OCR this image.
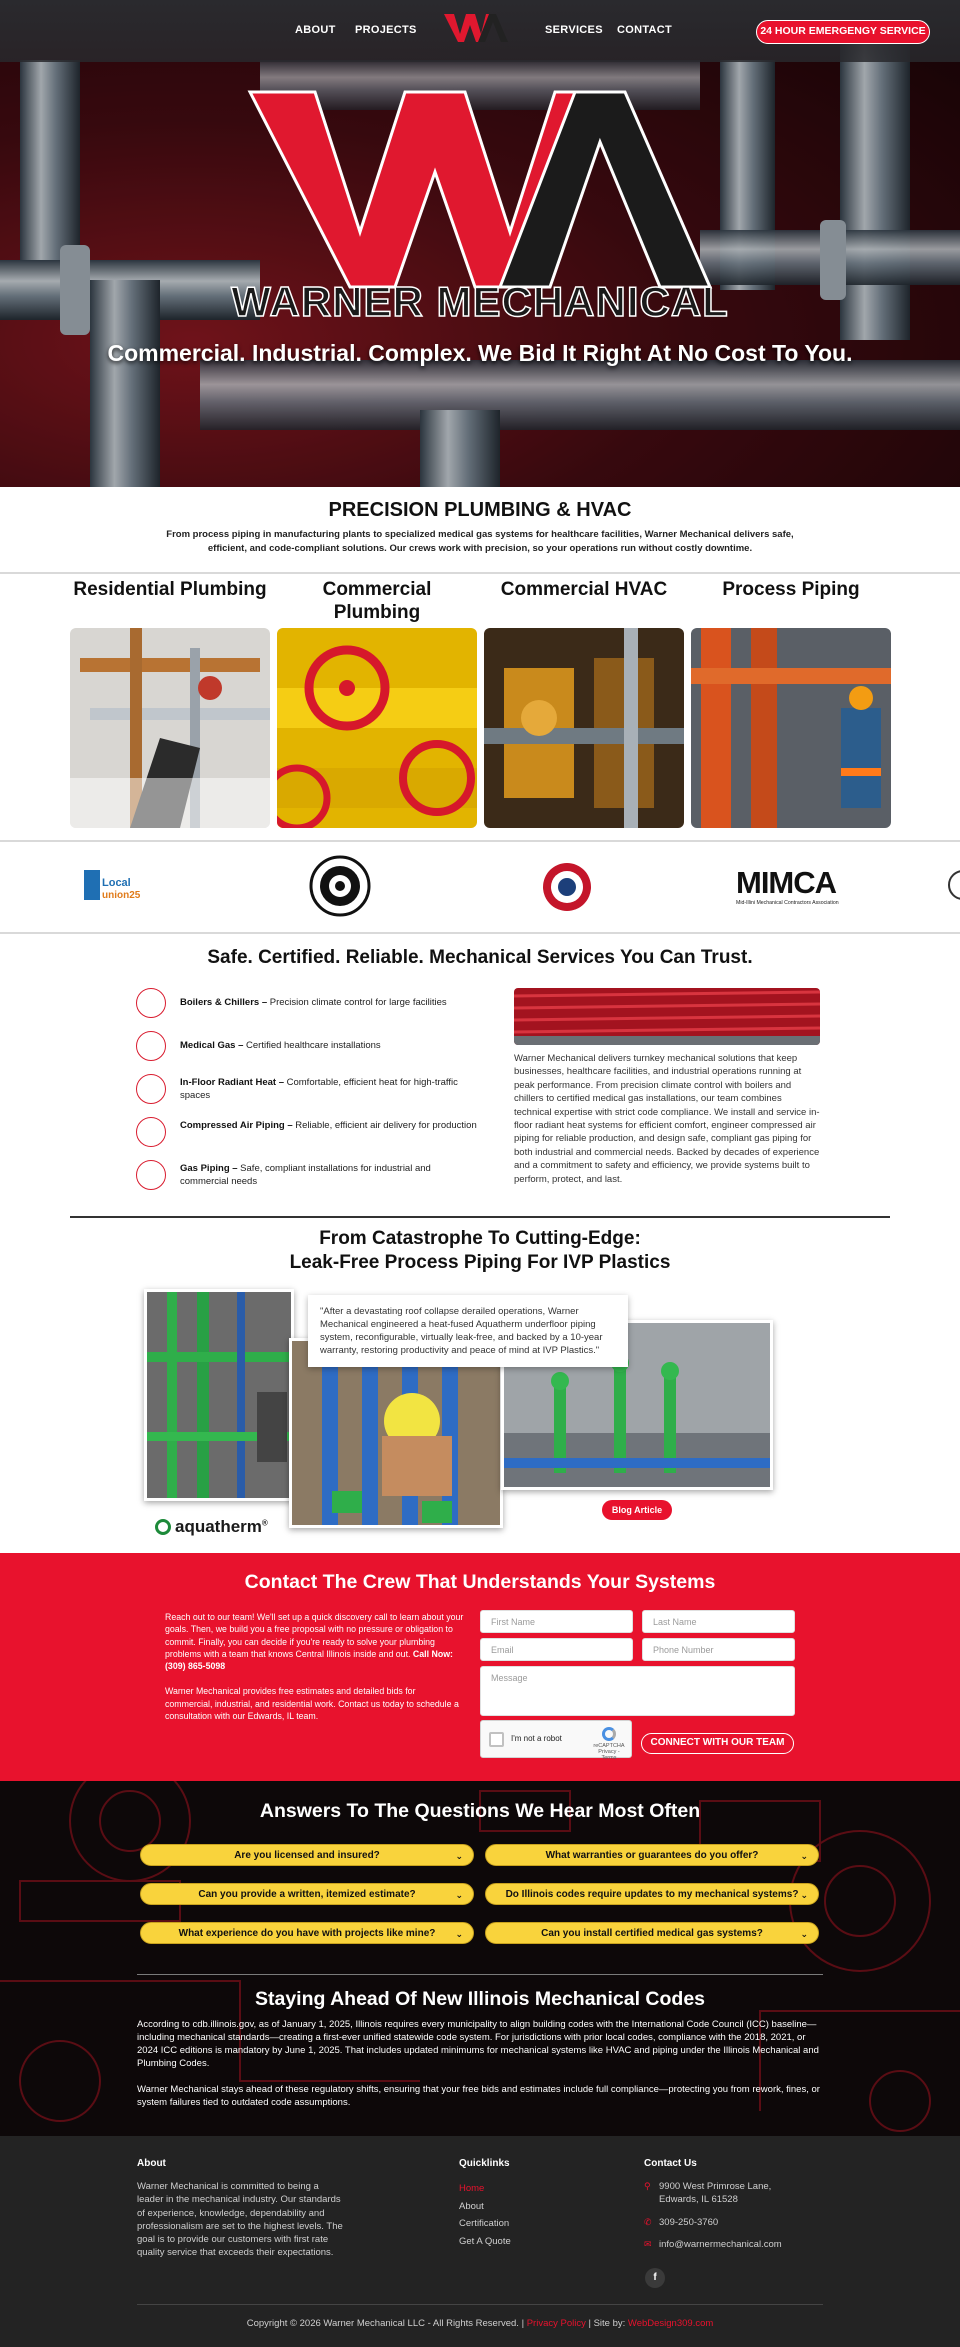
WARNER MECHANICAL
Commercial. Industrial. Complex. We Bid It Right At No Cost To You.
ABOUT PROJECTS	SERVICES CONTACT	24 HOUR EMERGENGY SERVICE
PRECISION PLUMBING & HVAC

From process piping in manufacturing plants to specialized medical gas systems for healthcare facilities, Warner Mechanical delivers safe, efficient, and code-compliant solutions. Our crews work with precision, so your operations run without costly downtime.

Residential Plumbing	Commercial Plumbing
Commercial HVAC	Process Piping
Local
union25	MIMCA
Mid-Illini Mechanical Contractors Association
Safe. Certified. Reliable. Mechanical Services You Can Trust.
Boilers & Chillers – Precision climate control for large facilities
Medical Gas – Certified healthcare installations
In-Floor Radiant Heat – Comfortable, efficient heat for high-traffic spaces
Compressed Air Piping – Reliable, efficient air delivery for production
Gas Piping – Safe, compliant installations for industrial and commercial needs

Warner Mechanical delivers turnkey mechanical solutions that keep businesses, healthcare facilities, and industrial operations running at peak performance. From precision climate control with boilers and chillers to certified medical gas installations, our team combines technical expertise with strict code compliance. We install and service in-floor radiant heat systems for efficient comfort, engineer compressed air piping for reliable production, and design safe, compliant gas piping for both industrial and commercial needs. Backed by decades of experience and a commitment to safety and efficiency, we provide systems built to perform, protect, and last.

From Catastrophe To Cutting-Edge:
Leak-Free Process Piping For IVP Plastics
"After a devastating roof collapse derailed operations, Warner Mechanical engineered a heat-fused Aquatherm underfloor piping system, reconfigurable, virtually leak-free, and backed by a 10-year warranty, restoring productivity and peace of mind at IVP Plastics."
aquatherm®
Blog Article
Contact The Crew That Understands Your Systems

Reach out to our team! We'll set up a quick discovery call to learn about your goals. Then, we build you a free proposal with no pressure or obligation to commit. Finally, you can decide if you're ready to solve your plumbing problems with a team that knows Central Illinois inside and out. Call Now: (309) 865-5098

Warner Mechanical provides free estimates and detailed bids for commercial, industrial, and residential work. Contact us today to schedule a consultation with our Edwards, IL team.

First Name	Last Name
Email	Phone Number
Message
I'm not a robot
reCAPTCHA
Privacy - Terms
CONNECT WITH OUR TEAM
Answers To The Questions We Hear Most Often
Are you licensed and insured?	⌄	What warranties or guarantees do you offer?	⌄
Can you provide a written, itemized estimate?	⌄	Do Illinois codes require updates to my mechanical systems? ⌄
What experience do you have with projects like mine? ⌄	Can you install certified medical gas systems?	⌄
Staying Ahead Of New Illinois Mechanical Codes

According to cdb.illinois.gov, as of January 1, 2025, Illinois requires every municipality to align building codes with the International Code Council (ICC) baseline—including mechanical standards—creating a first-ever unified statewide code system. For jurisdictions with prior local codes, compliance with the 2018, 2021, or 2024 ICC editions is mandatory by June 1, 2025. That includes updated minimums for mechanical systems like HVAC and piping under the Illinois Mechanical and Plumbing Codes.

Warner Mechanical stays ahead of these regulatory shifts, ensuring that your free bids and estimates include full compliance—protecting you from rework, fines, or system failures tied to outdated code assumptions.

About

Warner Mechanical is committed to being a leader in the mechanical industry. Our standards of experience, knowledge, dependability and professionalism are set to the highest levels. The goal is to provide our customers with first rate quality service that exceeds their expectations.

Quicklinks
Home
About
Certification
Get A Quote
Contact Us
⚲ 9900 West Primrose Lane,
Edwards, IL 61528
✆ 309-250-3760
✉ info@warnermechanical.com
f
Copyright © 2026 Warner Mechanical LLC - All Rights Reserved. | Privacy Policy | Site by: WebDesign309.com
